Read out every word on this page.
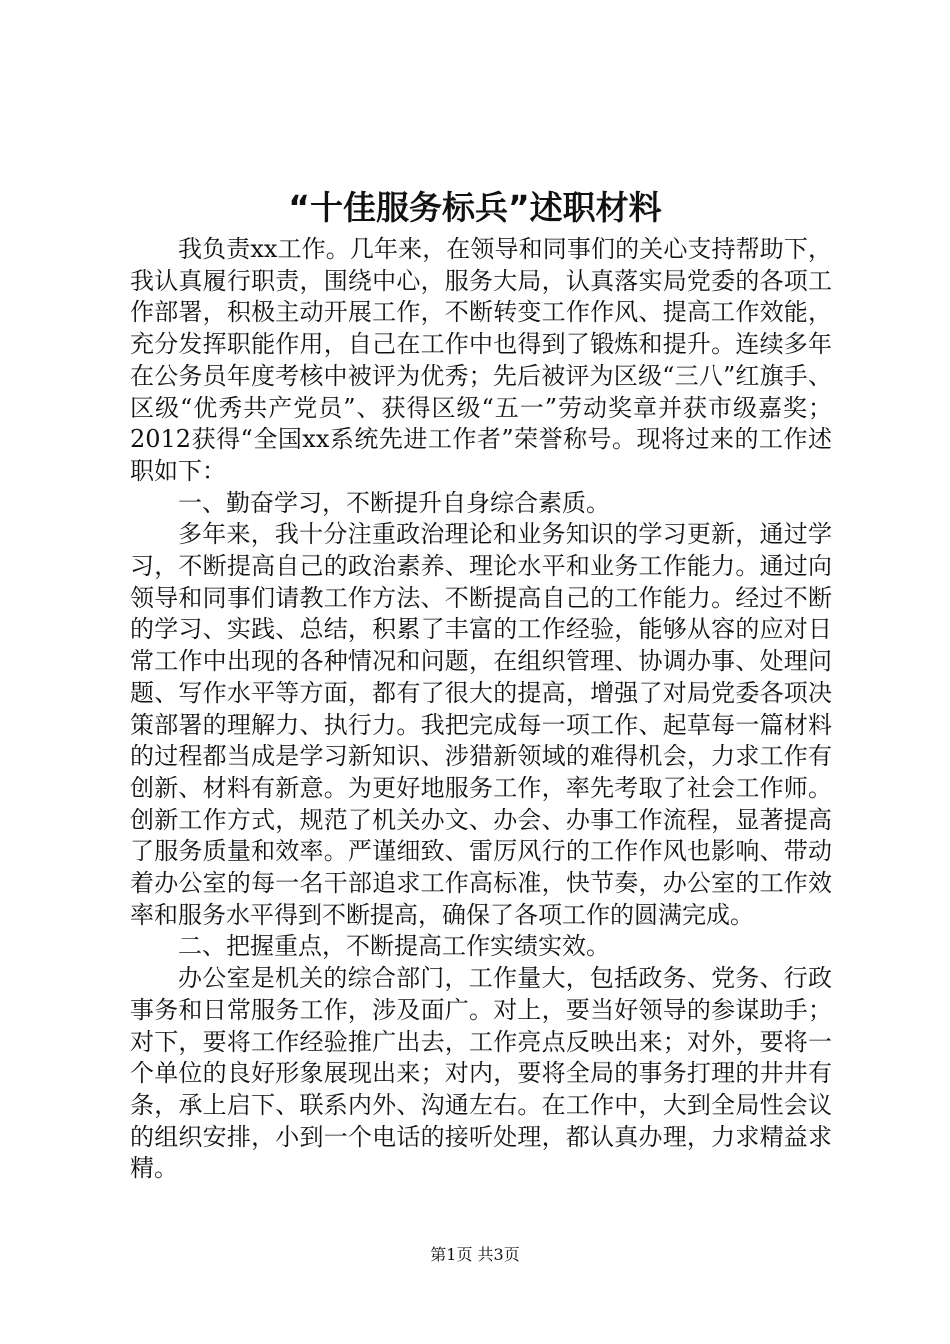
“十佳服务标兵”述职材料

我负责xx工作。几年来，在领导和同事们的关心支持帮助下，我认真履行职责，围绕中心，服务大局，认真落实局党委的各项工作部署，积极主动开展工作，不断转变工作作风、提高工作效能，充分发挥职能作用，自己在工作中也得到了锻炼和提升。连续多年在公务员年度考核中被评为优秀；先后被评为区级“三八”红旗手、区级“优秀共产党员”、获得区级“五一”劳动奖章并获市级嘉奖；2012获得“全国xx系统先进工作者”荣誉称号。现将过来的工作述职如下：

一、勤奋学习，不断提升自身综合素质。

多年来，我十分注重政治理论和业务知识的学习更新，通过学习，不断提高自己的政治素养、理论水平和业务工作能力。通过向领导和同事们请教工作方法、不断提高自己的工作能力。经过不断的学习、实践、总结，积累了丰富的工作经验，能够从容的应对日常工作中出现的各种情况和问题，在组织管理、协调办事、处理问题、写作水平等方面，都有了很大的提高，增强了对局党委各项决策部署的理解力、执行力。我把完成每一项工作、起草每一篇材料的过程都当成是学习新知识、涉猎新领域的难得机会，力求工作有创新、材料有新意。为更好地服务工作，率先考取了社会工作师。创新工作方式，规范了机关办文、办会、办事工作流程，显著提高了服务质量和效率。严谨细致、雷厉风行的工作作风也影响、带动着办公室的每一名干部追求工作高标准，快节奏，办公室的工作效率和服务水平得到不断提高，确保了各项工作的圆满完成。

二、把握重点，不断提高工作实绩实效。

办公室是机关的综合部门，工作量大，包括政务、党务、行政事务和日常服务工作，涉及面广。对上，要当好领导的参谋助手；对下，要将工作经验推广出去，工作亮点反映出来；对外，要将一个单位的良好形象展现出来；对内，要将全局的事务打理的井井有条，承上启下、联系内外、沟通左右。在工作中，大到全局性会议的组织安排，小到一个电话的接听处理，都认真办理，力求精益求精。

第1页 共3页
